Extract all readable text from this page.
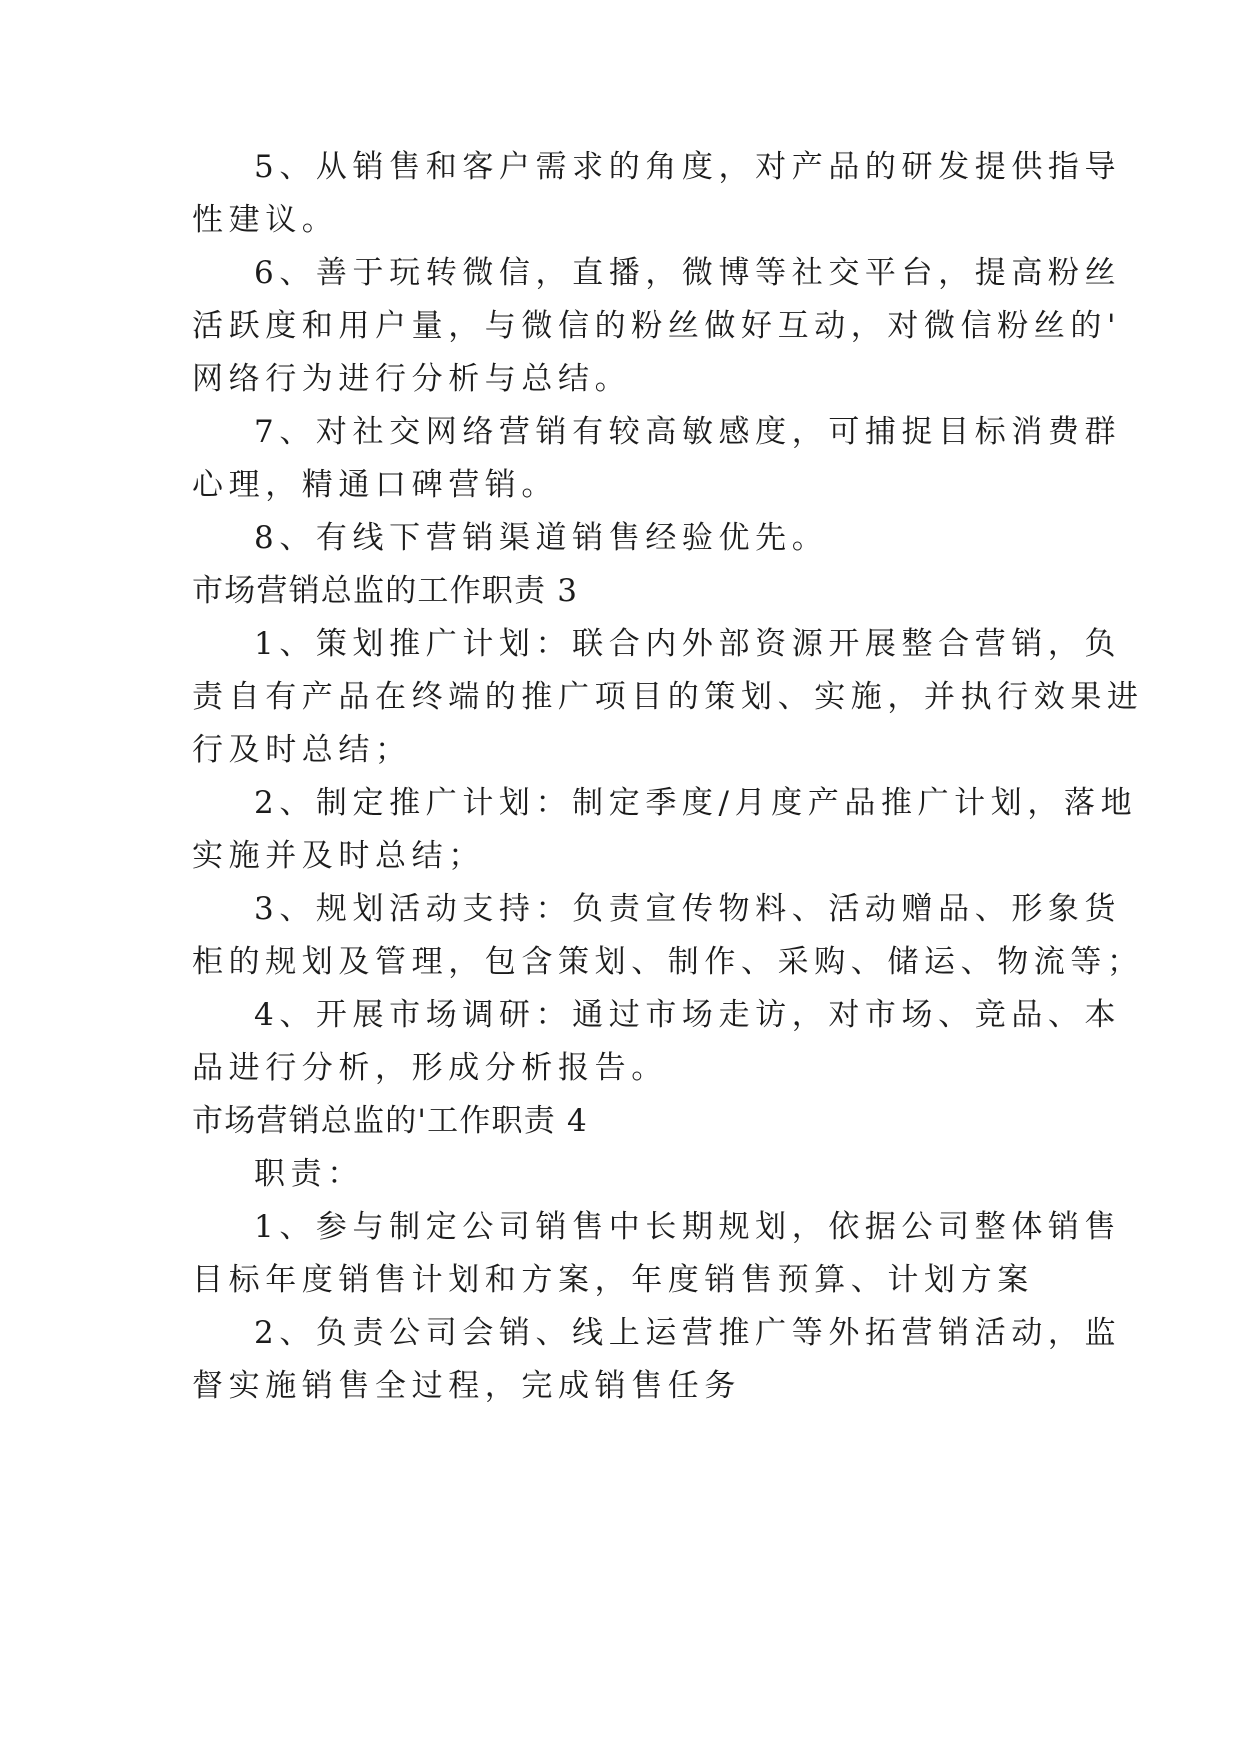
5、从销售和客户需求的角度，对产品的研发提供指导
性建议。
6、善于玩转微信，直播，微博等社交平台，提高粉丝
活跃度和用户量，与微信的粉丝做好互动，对微信粉丝的'
网络行为进行分析与总结。
7、对社交网络营销有较高敏感度，可捕捉目标消费群
心理，精通口碑营销。
8、有线下营销渠道销售经验优先。
市场营销总监的工作职责 3
1、策划推广计划：联合内外部资源开展整合营销，负
责自有产品在终端的推广项目的策划、实施，并执行效果进
行及时总结；
2、制定推广计划：制定季度/月度产品推广计划，落地
实施并及时总结；
3、规划活动支持：负责宣传物料、活动赠品、形象货
柜的规划及管理，包含策划、制作、采购、储运、物流等；
4、开展市场调研：通过市场走访，对市场、竞品、本
品进行分析，形成分析报告。
市场营销总监的'工作职责 4
职责：
1、参与制定公司销售中长期规划，依据公司整体销售
目标年度销售计划和方案，年度销售预算、计划方案
2、负责公司会销、线上运营推广等外拓营销活动，监
督实施销售全过程，完成销售任务
